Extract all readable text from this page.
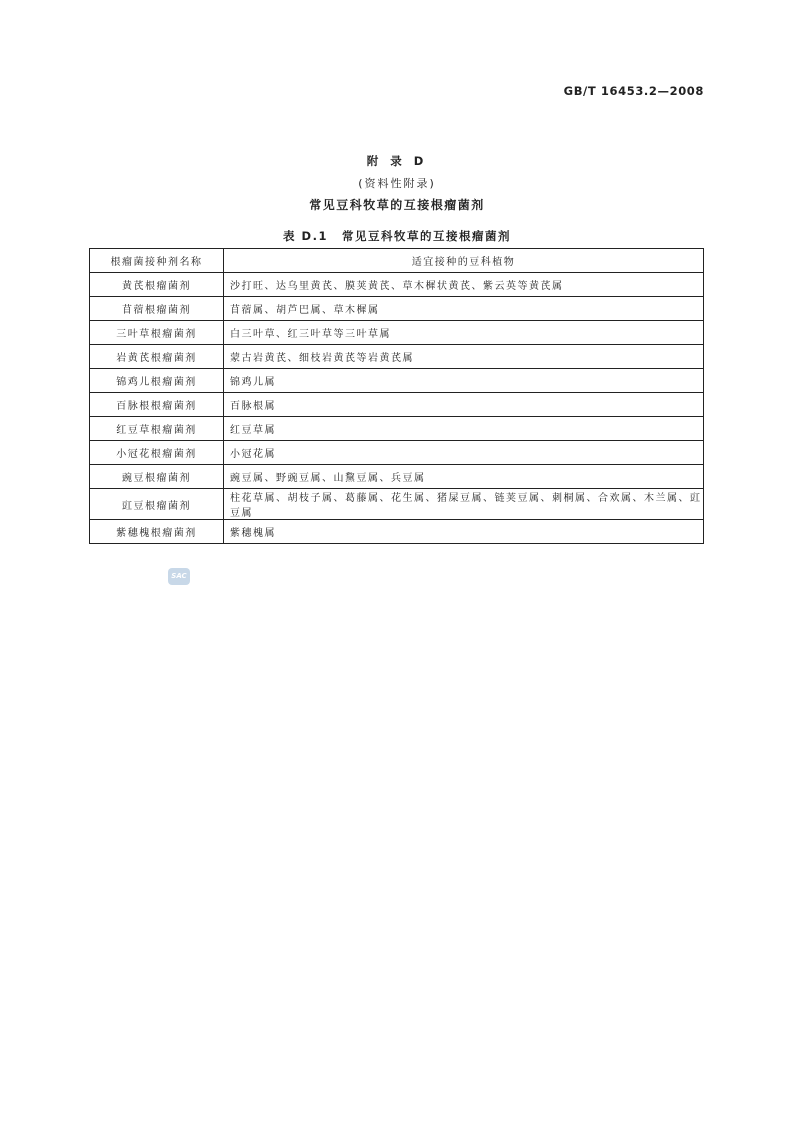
GB/T 16453.2—2008
附 录 D
(资料性附录)
常见豆科牧草的互接根瘤菌剂
表 D.1 常见豆科牧草的互接根瘤菌剂
根瘤菌接种剂名称	适宜接种的豆科植物
黄芪根瘤菌剂	沙打旺、达乌里黄芪、膜荚黄芪、草木樨状黄芪、紫云英等黄芪属
苜蓿根瘤菌剂	苜蓿属、胡芦巴属、草木樨属
三叶草根瘤菌剂	白三叶草、红三叶草等三叶草属
岩黄芪根瘤菌剂	蒙古岩黄芪、细枝岩黄芪等岩黄芪属
锦鸡儿根瘤菌剂	锦鸡儿属
百脉根根瘤菌剂	百脉根属
红豆草根瘤菌剂	红豆草属
小冠花根瘤菌剂	小冠花属
豌豆根瘤菌剂	豌豆属、野豌豆属、山黧豆属、兵豆属
豇豆根瘤菌剂	柱花草属、胡枝子属、葛藤属、花生属、猪屎豆属、链荚豆属、刺桐属、合欢属、木兰属、豇豆属
紫穗槐根瘤菌剂	紫穗槐属
SAC
